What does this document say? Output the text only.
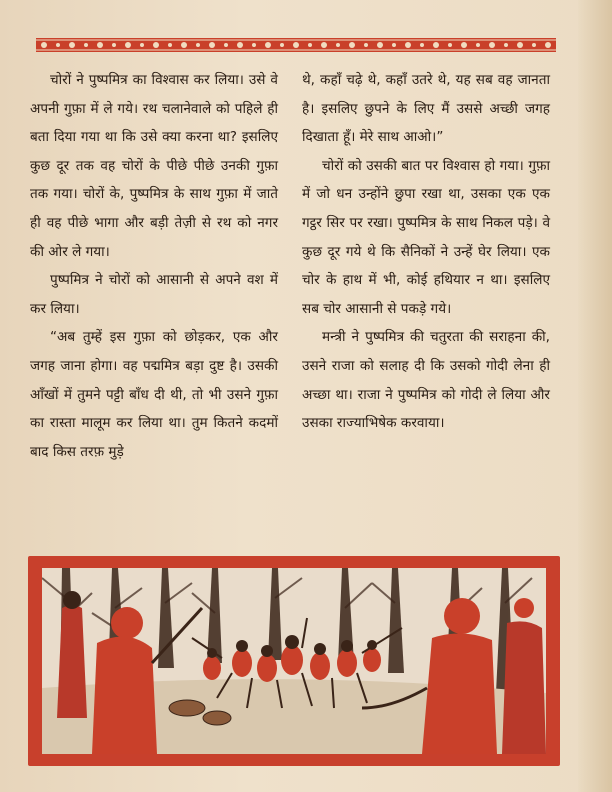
चोरों ने पुष्पमित्र का विश्वास कर लिया। उसे वे अपनी गुफ़ा में ले गये। रथ चलानेवाले को पहिले ही बता दिया गया था कि उसे क्या करना था? इसलिए कुछ दूर तक वह चोरों के पीछे पीछे उनकी गुफ़ा तक गया। चोरों के, पुष्पमित्र के साथ गुफ़ा में जाते ही वह पीछे भागा और बड़ी तेज़ी से रथ को नगर की ओर ले गया।

पुष्पमित्र ने चोरों को आसानी से अपने वश में कर लिया।

“अब तुम्हें इस गुफ़ा को छोड़कर, एक और जगह जाना होगा। वह पद्ममित्र बड़ा दुष्ट है। उसकी आँखों में तुमने पट्टी बाँध दी थी, तो भी उसने गुफ़ा का रास्ता मालूम कर लिया था। तुम कितने कदमों बाद किस तरफ़ मुड़े

थे, कहाँ चढ़े थे, कहाँ उतरे थे, यह सब वह जानता है। इसलिए छुपने के लिए मैं उससे अच्छी जगह दिखाता हूँ। मेरे साथ आओ।”

चोरों को उसकी बात पर विश्वास हो गया। गुफ़ा में जो धन उन्होंने छुपा रखा था, उसका एक एक गट्ठर सिर पर रखा। पुष्पमित्र के साथ निकल पड़े। वे कुछ दूर गये थे कि सैनिकों ने उन्हें घेर लिया। एक चोर के हाथ में भी, कोई हथियार न था। इसलिए सब चोर आसानी से पकड़े गये।

मन्त्री ने पुष्पमित्र की चतुरता की सराहना की, उसने राजा को सलाह दी कि उसको गोदी लेना ही अच्छा था। राजा ने पुष्पमित्र को गोदी ले लिया और उसका राज्याभिषेक करवाया।
